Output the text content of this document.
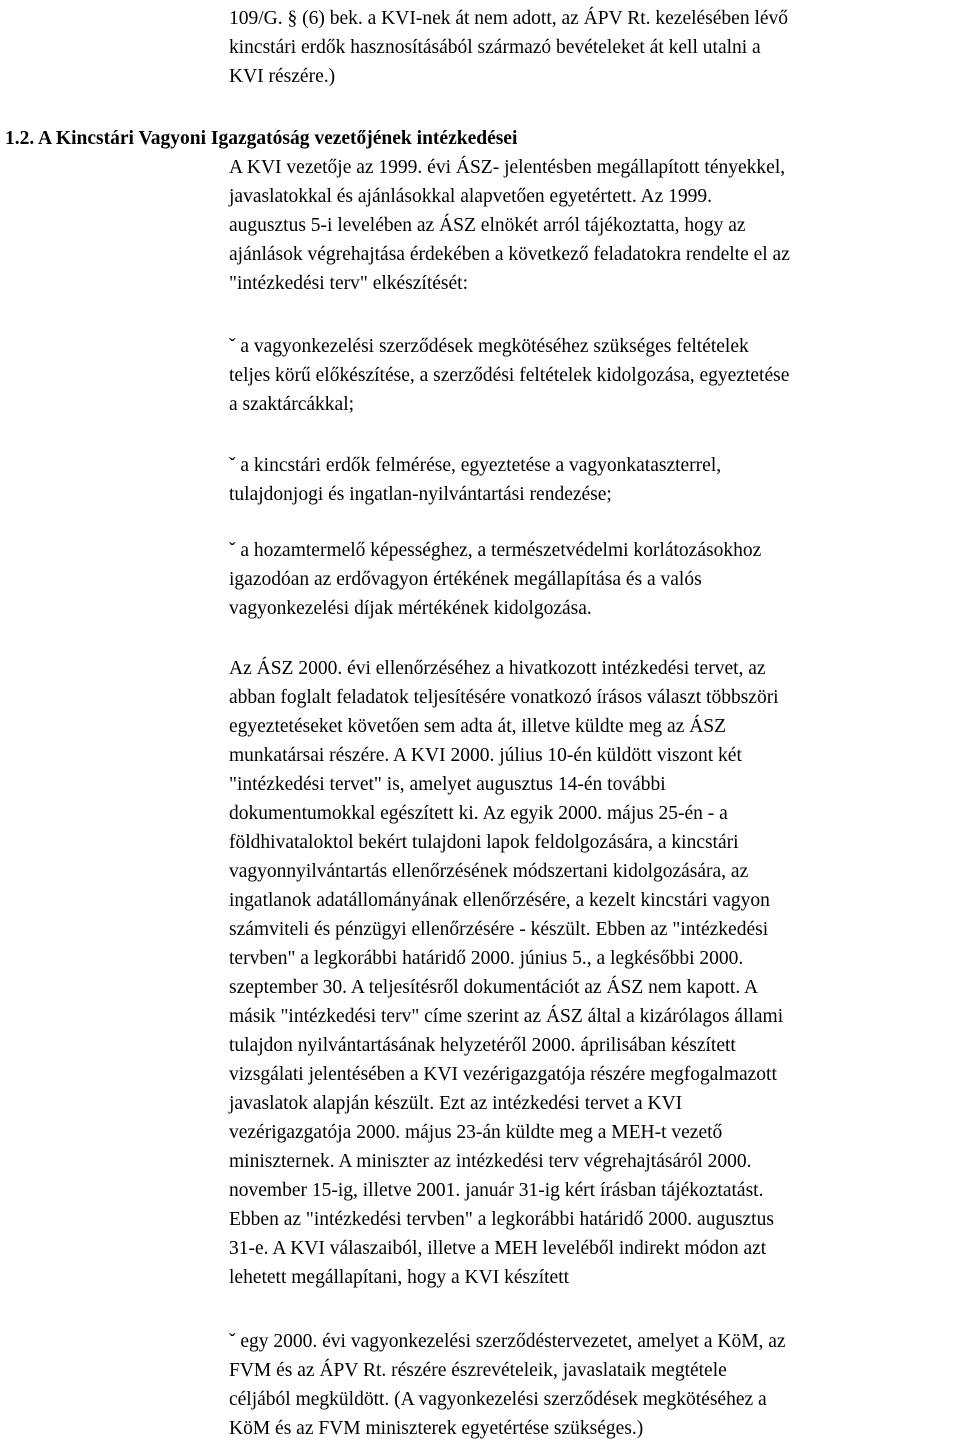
109/G. § (6) bek. a KVI-nek át nem adott, az ÁPV Rt. kezelésében lévő
kincstári erdők hasznosításából származó bevételeket át kell utalni a
KVI részére.)
1.2. A Kincstári Vagyoni Igazgatóság vezetőjének intézkedései
A KVI vezetője az 1999. évi ÁSZ- jelentésben megállapított tényekkel,
javaslatokkal és ajánlásokkal alapvetően egyetértett. Az 1999.
augusztus 5-i levelében az ÁSZ elnökét arról tájékoztatta, hogy az
ajánlások végrehajtása érdekében a következő feladatokra rendelte el az
"intézkedési terv" elkészítését:
ˇ a vagyonkezelési szerződések megkötéséhez szükséges feltételek
teljes körű előkészítése, a szerződési feltételek kidolgozása, egyeztetése
a szaktárcákkal;
ˇ a kincstári erdők felmérése, egyeztetése a vagyonkataszterrel,
tulajdonjogi és ingatlan-nyilvántartási rendezése;
ˇ a hozamtermelő képességhez, a természetvédelmi korlátozásokhoz
igazodóan az erdővagyon értékének megállapítása és a valós
vagyonkezelési díjak mértékének kidolgozása.
Az ÁSZ 2000. évi ellenőrzéséhez a hivatkozott intézkedési tervet, az
abban foglalt feladatok teljesítésére vonatkozó írásos választ többszöri
egyeztetéseket követően sem adta át, illetve küldte meg az ÁSZ
munkatársai részére. A KVI 2000. július 10-én küldött viszont két
"intézkedési tervet" is, amelyet augusztus 14-én további
dokumentumokkal egészített ki. Az egyik 2000. május 25-én - a
földhivataloktol bekért tulajdoni lapok feldolgozására, a kincstári
vagyonnyilvántartás ellenőrzésének módszertani kidolgozására, az
ingatlanok adatállományának ellenőrzésére, a kezelt kincstári vagyon
számviteli és pénzügyi ellenőrzésére - készült. Ebben az "intézkedési
tervben" a legkorábbi határidő 2000. június 5., a legkésőbbi 2000.
szeptember 30. A teljesítésről dokumentációt az ÁSZ nem kapott. A
másik "intézkedési terv" címe szerint az ÁSZ által a kizárólagos állami
tulajdon nyilvántartásának helyzetéről 2000. áprilisában készített
vizsgálati jelentésében a KVI vezérigazgatója részére megfogalmazott
javaslatok alapján készült. Ezt az intézkedési tervet a KVI
vezérigazgatója 2000. május 23-án küldte meg a MEH-t vezető
miniszternek. A miniszter az intézkedési terv végrehajtásáról 2000.
november 15-ig, illetve 2001. január 31-ig kért írásban tájékoztatást.
Ebben az "intézkedési tervben" a legkorábbi határidő 2000. augusztus
31-e. A KVI válaszaiból, illetve a MEH leveléből indirekt módon azt
lehetett megállapítani, hogy a KVI készített
ˇ egy 2000. évi vagyonkezelési szerződéstervezetet, amelyet a KöM, az
FVM és az ÁPV Rt. részére észrevételeik, javaslataik megtétele
céljából megküldött. (A vagyonkezelési szerződések megkötéséhez a
KöM és az FVM miniszterek egyetértése szükséges.)
